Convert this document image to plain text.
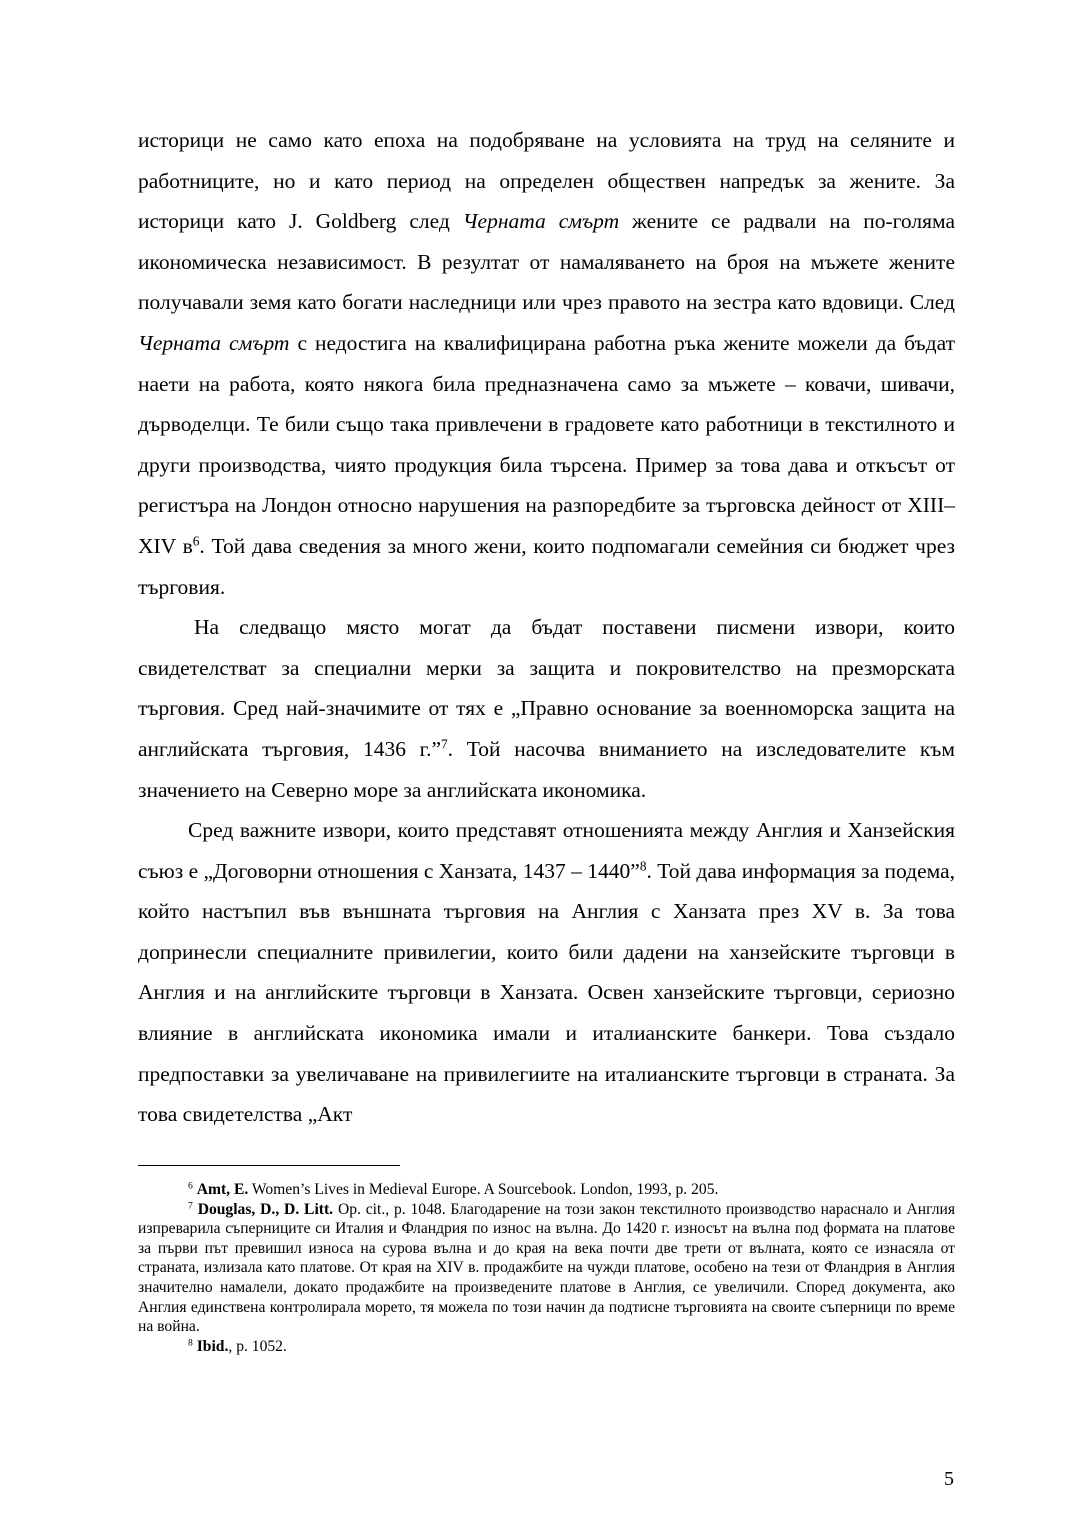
историци не само като епоха на подобряване на условията на труд на селяните и работниците, но и като период на определен обществен напредък за жените. За историци като J. Goldberg след Черната смърт жените се радвали на по-голяма икономическа независимост. В резултат от намаляването на броя на мъжете жените получавали земя като богати наследници или чрез правото на зестра като вдовици. След Черната смърт с недостига на квалифицирана работна ръка жените можели да бъдат наети на работа, която някога била предназначена само за мъжете – ковачи, шивачи, дърводелци. Те били също така привлечени в градовете като работници в текстилното и други производства, чиято продукция била търсена. Пример за това дава и откъсът от регистъра на Лондон относно нарушения на разпоредбите за търговска дейност от XIII–XIV $в^6$. Той дава сведения за много жени, които подпомагали семейния си бюджет чрез търговия.

На следващо място могат да бъдат поставени писмени извори, които свидетелстват за специални мерки за защита и покровителство на презморската търговия. Сред най-значимите от тях е „Правно основание за военноморска защита на английската търговия, 1436 г.”$^7$. Той насочва вниманието на изследователите към значението на Северно море за английската икономика.

Сред важните извори, които представят отношенията между Англия и Ханзейския съюз е „Договорни отношения с Ханзата, 1437 – 1440”$^8$. Той дава информация за подема, който настъпил във външната търговия на Англия с Ханзата през XV в. За това допринесли специалните привилегии, които били дадени на ханзейските търговци в Англия и на английските търговци в Ханзата. Освен ханзейските търговци, сериозно влияние в английската икономика имали и италианските банкери. Това създало предпоставки за увеличаване на привилегиите на италианските търговци в страната. За това свидетелства „Акт

$^6$ Amt, E. Women’s Lives in Medieval Europe. A Sourcebook. London, 1993, p. 205.

$^7$ Douglas, D., D. Litt. Op. cit., p. 1048. Благодарение на този закон текстилното производство нараснало и Англия изпреварила съперниците си Италия и Фландрия по износ на вълна. До 1420 г. износът на вълна под формата на платове за първи път превишил износа на сурова вълна и до края на века почти две трети от вълната, която се изнасяла от страната, излизала като платове. От края на XIV в. продажбите на чужди платове, особено на тези от Фландрия в Англия значително намалели, докато продажбите на произведените платове в Англия, се увеличили. Според документа, ако Англия единствена контролирала морето, тя можела по този начин да подтисне търговията на своите съперници по време на война.

$^8$ Ibid., p. 1052.

5
